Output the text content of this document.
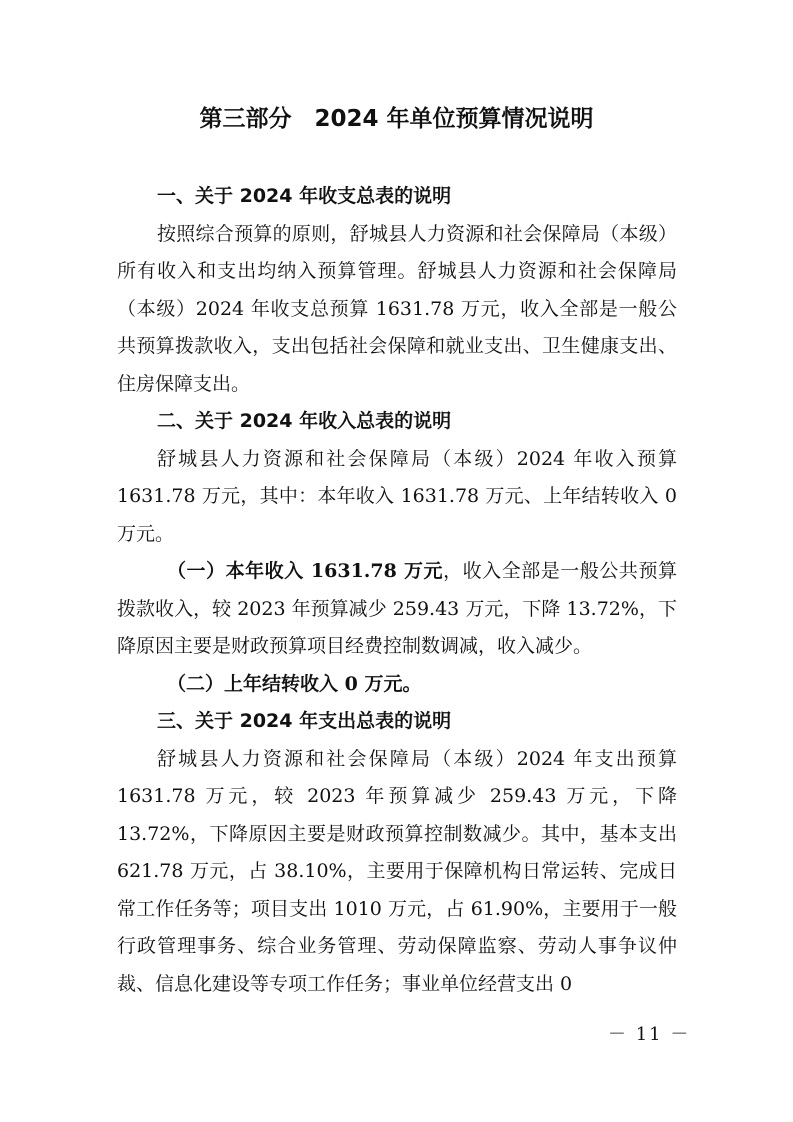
第三部分　2024 年单位预算情况说明

一、关于 2024 年收支总表的说明

按照综合预算的原则，舒城县人力资源和社会保障局（本级）所有收入和支出均纳入预算管理。舒城县人力资源和社会保障局（本级）2024 年收支总预算 1631.78 万元，收入全部是一般公共预算拨款收入，支出包括社会保障和就业支出、卫生健康支出、住房保障支出。

二、关于 2024 年收入总表的说明

舒城县人力资源和社会保障局（本级）2024 年收入预算 1631.78 万元，其中：本年收入 1631.78 万元、上年结转收入 0 万元。

（一）本年收入 1631.78 万元，收入全部是一般公共预算拨款收入，较 2023 年预算减少 259.43 万元，下降 13.72%，下降原因主要是财政预算项目经费控制数调减，收入减少。

（二）上年结转收入 0 万元。

三、关于 2024 年支出总表的说明

舒城县人力资源和社会保障局（本级）2024 年支出预算 1631.78 万元，较 2023 年预算减少 259.43 万元，下降 13.72%，下降原因主要是财政预算控制数减少。其中，基本支出 621.78 万元，占 38.10%，主要用于保障机构日常运转、完成日常工作任务等；项目支出 1010 万元，占 61.90%，主要用于一般行政管理事务、综合业务管理、劳动保障监察、劳动人事争议仲裁、信息化建设等专项工作任务；事业单位经营支出 0

－ 11 －
